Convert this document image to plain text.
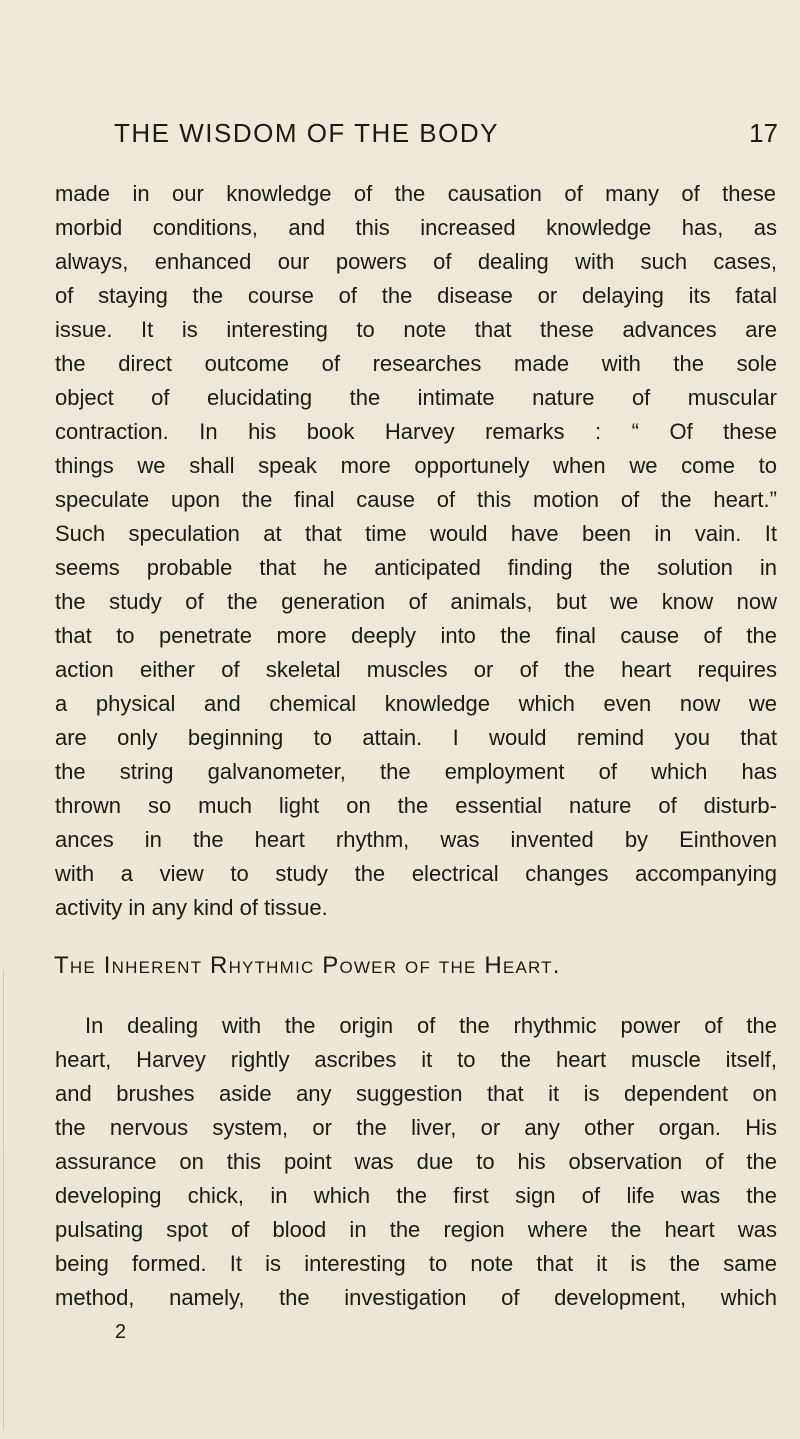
THE WISDOM OF THE BODY	17
made in our knowledge of the causation of many of these
morbid conditions, and this increased knowledge has, as
always, enhanced our powers of dealing with such cases,
of staying the course of the disease or delaying its fatal
issue. It is interesting to note that these advances are
the direct outcome of researches made with the sole
object of elucidating the intimate nature of muscular
contraction. In his book Harvey remarks : “ Of these
things we shall speak more opportunely when we come to
speculate upon the final cause of this motion of the heart.”
Such speculation at that time would have been in vain. It
seems probable that he anticipated finding the solution in
the study of the generation of animals, but we know now
that to penetrate more deeply into the final cause of the
action either of skeletal muscles or of the heart requires
a physical and chemical knowledge which even now we
are only beginning to attain. I would remind you that
the string galvanometer, the employment of which has
thrown so much light on the essential nature of disturb-
ances in the heart rhythm, was invented by Einthoven
with a view to study the electrical changes accompanying
activity in any kind of tissue.
The Inherent Rhythmic Power of the Heart.
In dealing with the origin of the rhythmic power of the
heart, Harvey rightly ascribes it to the heart muscle itself,
and brushes aside any suggestion that it is dependent on
the nervous system, or the liver, or any other organ. His
assurance on this point was due to his observation of the
developing chick, in which the first sign of life was the
pulsating spot of blood in the region where the heart was
being formed. It is interesting to note that it is the same
method, namely, the investigation of development, which
2
